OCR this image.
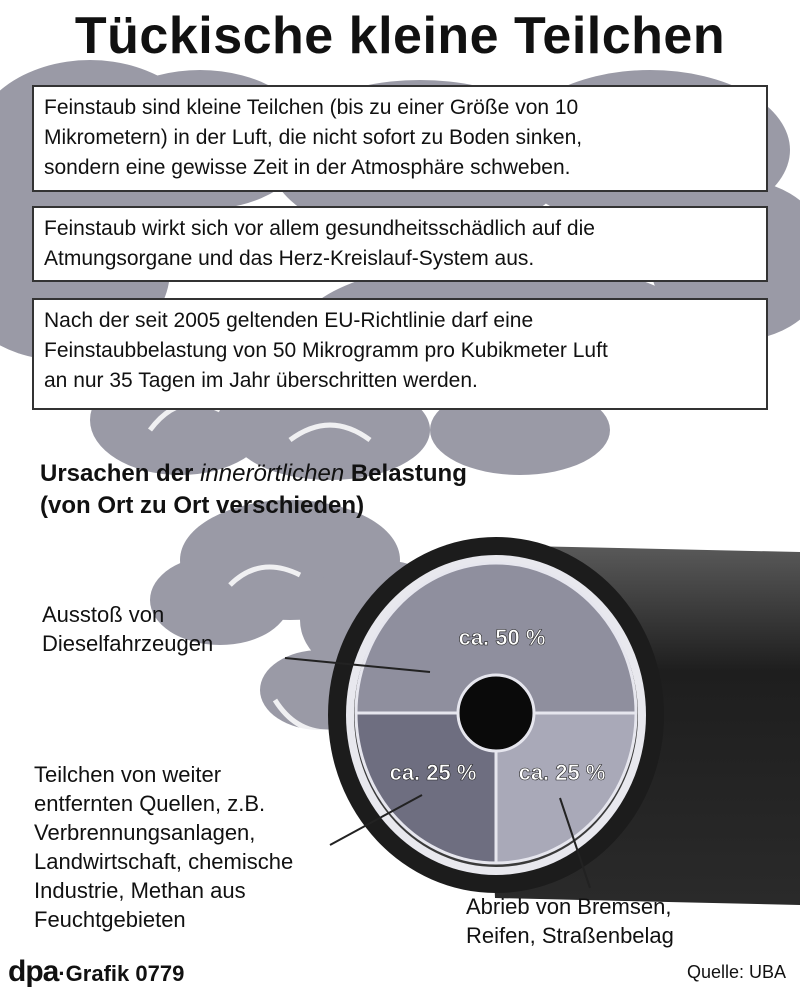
Tückische kleine Teilchen
Feinstaub sind kleine Teilchen (bis zu einer Größe von 10
Mikrometern) in der Luft, die nicht sofort zu Boden sinken,
sondern eine gewisse Zeit in der Atmosphäre schweben.
Feinstaub wirkt sich vor allem gesundheitsschädlich auf die
Atmungsorgane und das Herz-Kreislauf-System aus.
Nach der seit 2005 geltenden EU-Richtlinie darf eine
Feinstaubbelastung von 50 Mikrogramm pro Kubikmeter Luft
an nur 35 Tagen im Jahr überschritten werden.
Ursachen der innerörtlichen Belastung
(von Ort zu Ort verschieden)
ca. 50 %
ca. 25 %
ca. 25 %
Ausstoß von
Dieselfahrzeugen
Teilchen von weiter
entfernten Quellen, z.B.
Verbrennungsanlagen,
Landwirtschaft, chemische
Industrie, Methan aus
Feuchtgebieten
Abrieb von Bremsen,
Reifen, Straßenbelag
dpa·Grafik 0779	Quelle: UBA
